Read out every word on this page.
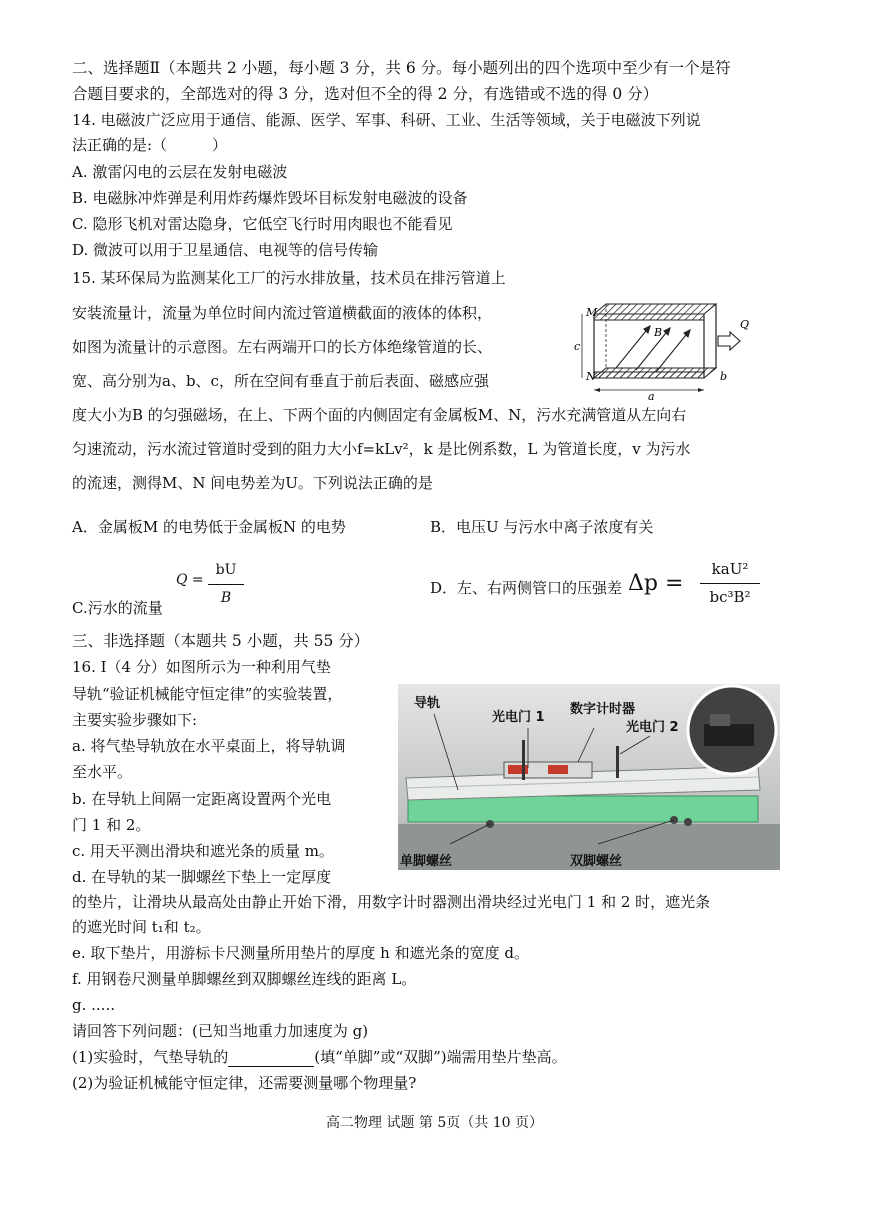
二、选择题Ⅱ（本题共 2 小题，每小题 3 分，共 6 分。每小题列出的四个选项中至少有一个是符
合题目要求的，全部选对的得 3 分，选对但不全的得 2 分，有选错或不选的得 0 分）
14. 电磁波广泛应用于通信、能源、医学、军事、科研、工业、生活等领域，关于电磁波下列说
法正确的是:（　　　）
A. 激雷闪电的云层在发射电磁波
B. 电磁脉冲炸弹是利用炸药爆炸毁坏目标发射电磁波的设备
C. 隐形飞机对雷达隐身，它低空飞行时用肉眼也不能看见
D. 微波可以用于卫星通信、电视等的信号传输
15. 某环保局为监测某化工厂的污水排放量，技术员在排污管道上
安装流量计，流量为单位时间内流过管道横截面的液体的体积，
如图为流量计的示意图。左右两端开口的长方体绝缘管道的长、
宽、高分别为a、b、c，所在空间有垂直于前后表面、磁感应强
度大小为B 的匀强磁场，在上、下两个面的内侧固定有金属板M、N，污水充满管道从左向右
匀速流动，污水流过管道时受到的阻力大小f=kLv²，k 是比例系数，L 为管道长度，v 为污水
的流速，测得M、N 间电势差为U。下列说法正确的是
M
N
c
B
Q
b
a
A．金属板M 的电势低于金属板N 的电势	B．电压U 与污水中离子浓度有关
C.污水的流量
Q =
bU
B
D．左、右两侧管口的压强差 Δp =
kaU²
bc³B²
三、非选择题（本题共 5 小题，共 55 分）
16. Ⅰ（4 分）如图所示为一种利用气垫
导轨“验证机械能守恒定律”的实验装置，
主要实验步骤如下:
a. 将气垫导轨放在水平桌面上，将导轨调
至水平。
b. 在导轨上间隔一定距离设置两个光电
门 1 和 2。
c. 用天平测出滑块和遮光条的质量 m。
d. 在导轨的某一脚螺丝下垫上一定厚度
的垫片，让滑块从最高处由静止开始下滑，用数字计时器测出滑块经过光电门 1 和 2 时，遮光条
的遮光时间 t₁和 t₂。
e. 取下垫片，用游标卡尺测量所用垫片的厚度 h 和遮光条的宽度 d。
f. 用钢卷尺测量单脚螺丝到双脚螺丝连线的距离 L。
g. .....
请回答下列问题：(已知当地重力加速度为 g)
(1)实验时，气垫导轨的	(填“单脚”或“双脚”)端需用垫片垫高。
(2)为验证机械能守恒定律，还需要测量哪个物理量?
导轨
光电门 1
数字计时器
光电门 2
单脚螺丝	双脚螺丝
高二物理 试题 第 5页（共 10 页）
